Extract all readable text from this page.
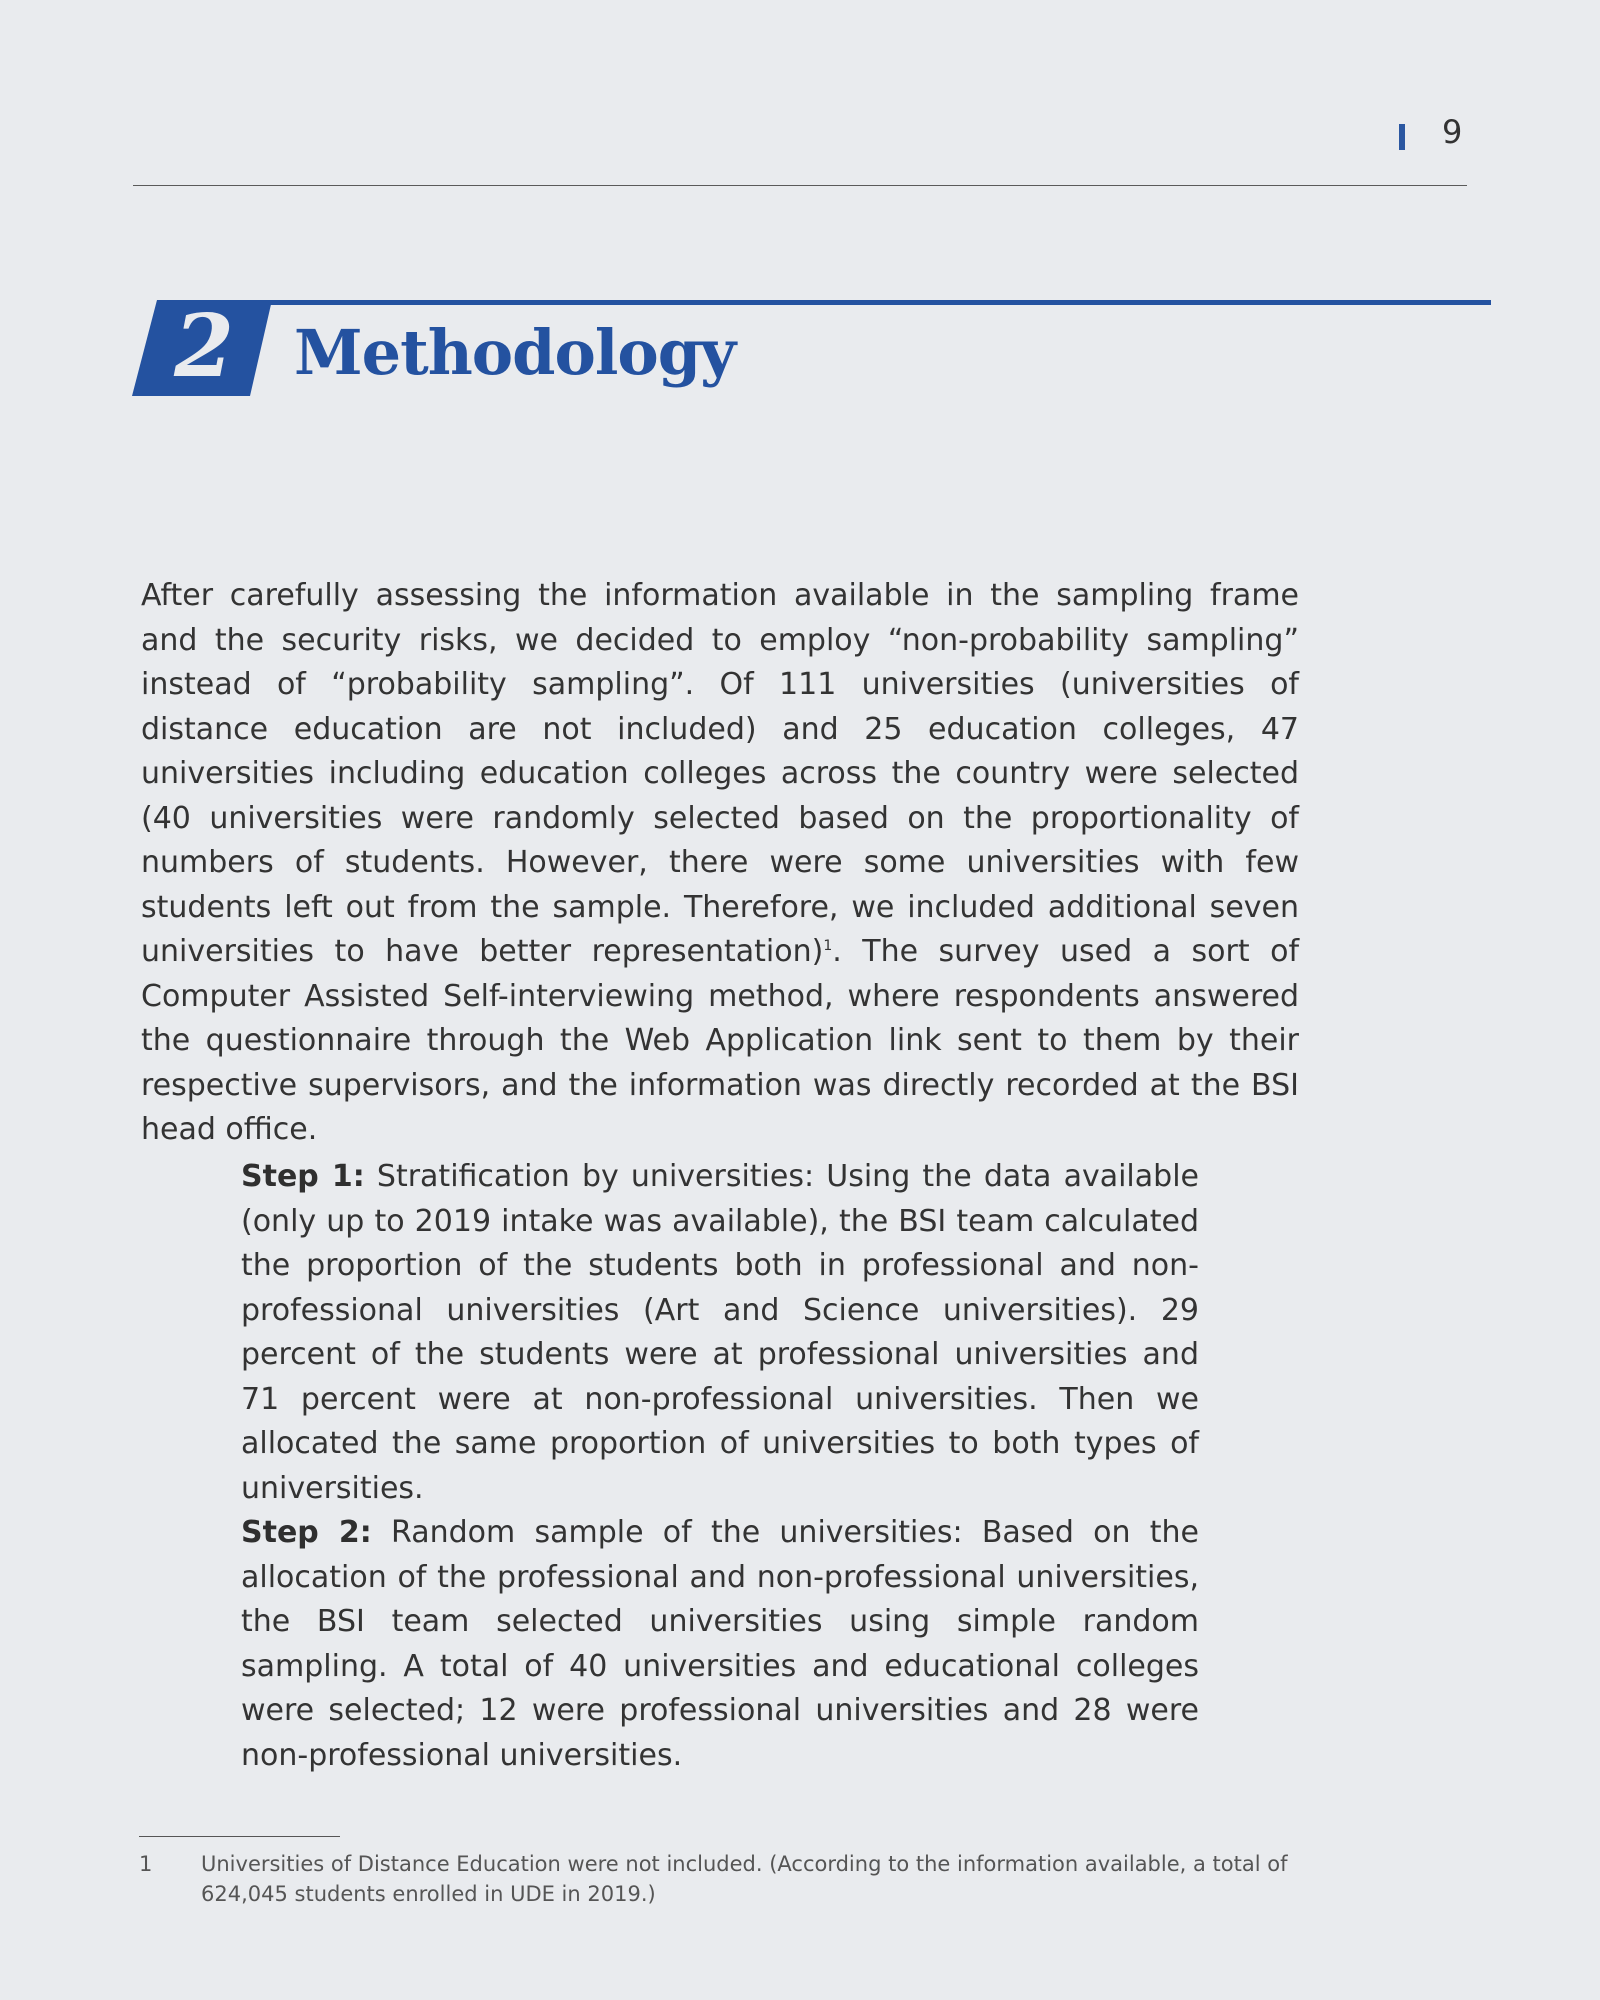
9
2 Methodology

After carefully assessing the information available in the sampling frame and the security risks, we decided to employ “non-probability sampling” instead of “probability sampling”. Of 111 universities (universities of distance education are not included) and 25 education colleges, 47 universities including education colleges across the country were selected (40 universities were randomly selected based on the proportionality of numbers of students. However, there were some universities with few students left out from the sample. Therefore, we included additional seven universities to have better representation)$^1$. The survey used a sort of Computer Assisted Self-interviewing method, where respondents answered the questionnaire through the Web Application link sent to them by their respective supervisors, and the information was directly recorded at the BSI head office.

Step 1: Stratification by universities: Using the data available (only up to 2019 intake was available), the BSI team calculated the proportion of the students both in professional and non-professional universities (Art and Science universities). 29 percent of the students were at professional universities and 71 percent were at non-professional universities. Then we allocated the same proportion of universities to both types of universities.

Step 2: Random sample of the universities: Based on the allocation of the professional and non-professional universities, the BSI team selected universities using simple random sampling. A total of 40 universities and educational colleges were selected; 12 were professional universities and 28 were non-professional universities.

1 Universities of Distance Education were not included. (According to the information available, a total of 624,045 students enrolled in UDE in 2019.)
